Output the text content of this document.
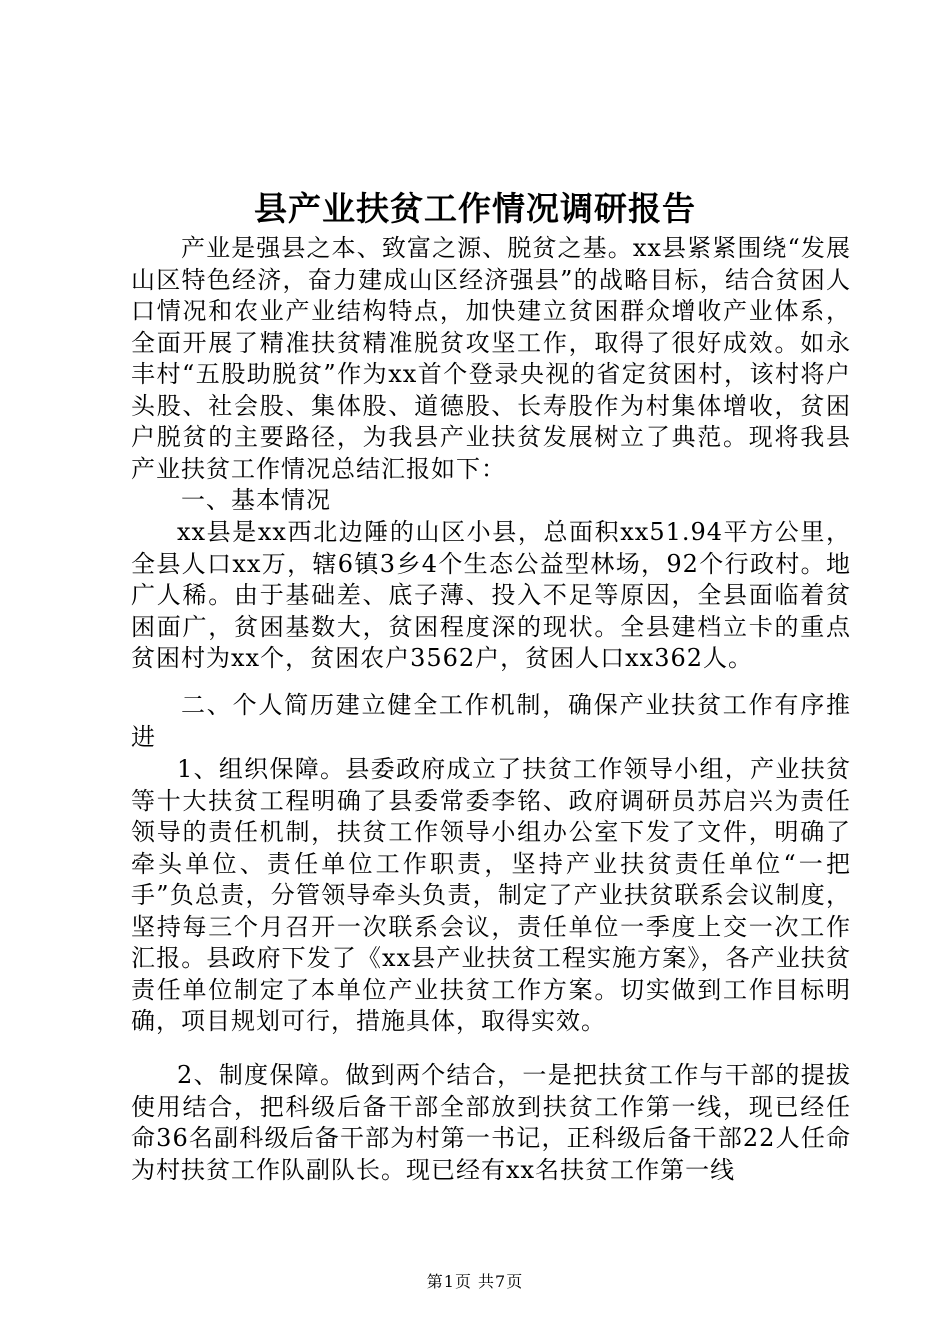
县产业扶贫工作情况调研报告
产业是强县之本、致富之源、脱贫之基。xx县紧紧围绕“发展山区特色经济，奋力建成山区经济强县”的战略目标，结合贫困人口情况和农业产业结构特点，加快建立贫困群众增收产业体系，全面开展了精准扶贫精准脱贫攻坚工作，取得了很好成效。如永丰村“五股助脱贫”作为xx首个登录央视的省定贫困村，该村将户头股、社会股、集体股、道德股、长寿股作为村集体增收，贫困户脱贫的主要路径，为我县产业扶贫发展树立了典范。现将我县产业扶贫工作情况总结汇报如下：
一、基本情况
xx县是xx西北边陲的山区小县，总面积xx51.94平方公里，全县人口xx万，辖6镇3乡4个生态公益型林场，92个行政村。地广人稀。由于基础差、底子薄、投入不足等原因，全县面临着贫困面广，贫困基数大，贫困程度深的现状。全县建档立卡的重点贫困村为xx个，贫困农户3562户，贫困人口xx362人。
二、个人简历建立健全工作机制，确保产业扶贫工作有序推进
1、组织保障。县委政府成立了扶贫工作领导小组，产业扶贫等十大扶贫工程明确了县委常委李铭、政府调研员苏启兴为责任领导的责任机制，扶贫工作领导小组办公室下发了文件，明确了牵头单位、责任单位工作职责，坚持产业扶贫责任单位“一把手”负总责，分管领导牵头负责，制定了产业扶贫联系会议制度，坚持每三个月召开一次联系会议，责任单位一季度上交一次工作汇报。县政府下发了《xx县产业扶贫工程实施方案》，各产业扶贫责任单位制定了本单位产业扶贫工作方案。切实做到工作目标明确，项目规划可行，措施具体，取得实效。
2、制度保障。做到两个结合，一是把扶贫工作与干部的提拔使用结合，把科级后备干部全部放到扶贫工作第一线，现已经任命36名副科级后备干部为村第一书记，正科级后备干部22人任命为村扶贫工作队副队长。现已经有xx名扶贫工作第一线
第1页 共7页
